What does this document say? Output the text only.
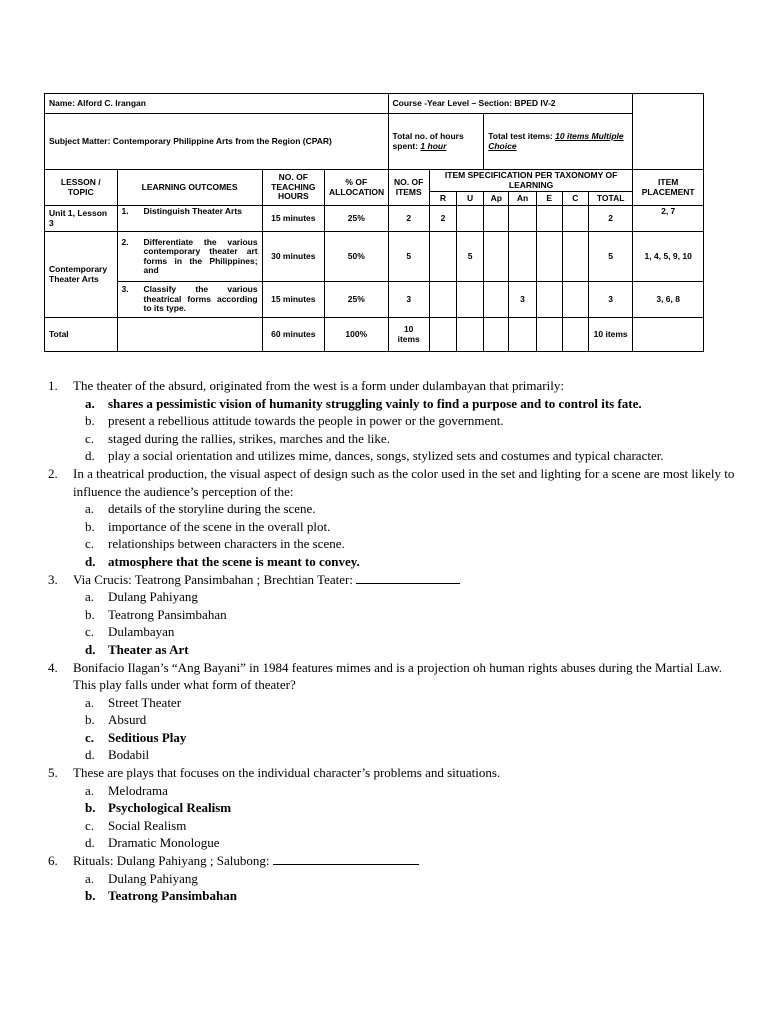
Name: Alford C. Irangan				Course -Year Level – Section: BPED IV-2								
Subject Matter: Contemporary Philippine Arts from the Region (CPAR)				Total no. of hours spent: 1 hour			Total test items: 10 items Multiple Choice					
LESSON / TOPIC	LEARNING OUTCOMES	NO. OF TEACHING HOURS	% OF ALLOCATION	NO. OF ITEMS	ITEM SPECIFICATION PER TAXONOMY OF LEARNING							ITEM PLACEMENT
					R	U	Ap	An	E	C	TOTAL	
Unit 1, Lesson 3	1. Distinguish Theater Arts	15 minutes	25%	2	2						2	2, 7
Contemporary Theater Arts	2. Differentiate the various contemporary theater art forms in the Philippines; and	30 minutes	50%	5		5					5	1, 4, 5, 9, 10

	3. Classify the various theatrical forms according to its type.	15 minutes	25%	3				3			3	3, 6, 8
Total		60 minutes	100%	10 items							10 items	
1.	The theater of the absurd, originated from the west is a form under dulambayan that primarily:
a.	shares a pessimistic vision of humanity struggling vainly to find a purpose and to control its fate.
b.	present a rebellious attitude towards the people in power or the government.
c.	staged during the rallies, strikes, marches and the like.
d.	play a social orientation and utilizes mime, dances, songs, stylized sets and costumes and typical character.
2.	In a theatrical production, the visual aspect of design such as the color used in the set and lighting for a scene are most likely to influence the audience’s perception of the:
a.	details of the storyline during the scene.
b.	importance of the scene in the overall plot.
c.	relationships between characters in the scene.
d. atmosphere that the scene is meant to convey.
3.	Via Crucis: Teatrong Pansimbahan ; Brechtian Teater:
a.	Dulang Pahiyang
b.	Teatrong Pansimbahan
c.	Dulambayan
d. Theater as Art
4.	Bonifacio Ilagan’s “Ang Bayani” in 1984 features mimes and is a projection oh human rights abuses during the Martial Law. This play falls under what form of theater?
a.	Street Theater
b.	Absurd
c.	Seditious Play
d.	Bodabil
5.	These are plays that focuses on the individual character’s problems and situations.
a.	Melodrama
b. Psychological Realism
c.	Social Realism
d.	Dramatic Monologue
6.	Rituals: Dulang Pahiyang ; Salubong:
a.	Dulang Pahiyang
b. Teatrong Pansimbahan
